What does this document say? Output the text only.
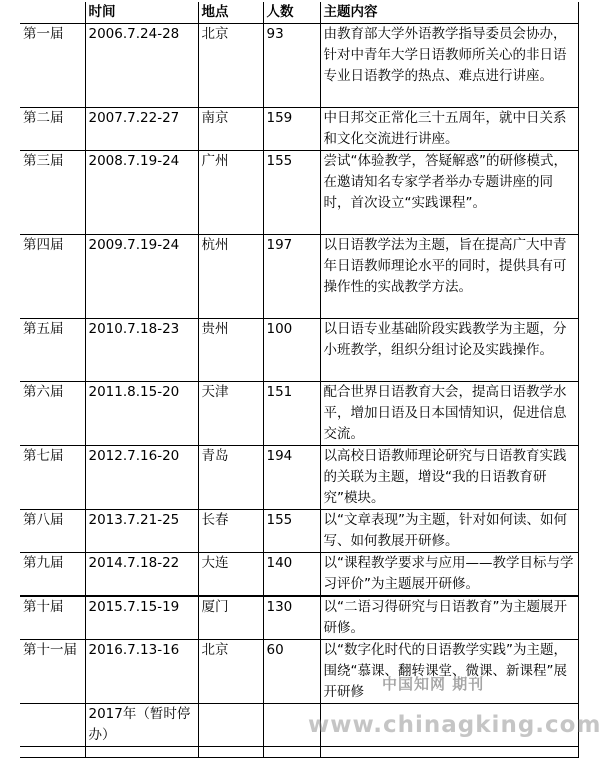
	时间	地点	人数	主题内容
第一届	2006.7.24-28	北京	93	由教育部大学外语教学指导委员会协办，针对中青年大学日语教师所关心的非日语专业日语教学的热点、难点进行讲座。
第二届	2007.7.22-27	南京	159	中日邦交正常化三十五周年，就中日关系和文化交流进行讲座。
第三届	2008.7.19-24	广州	155	尝试“体验教学，答疑解惑”的研修模式，在邀请知名专家学者举办专题讲座的同时，首次设立“实践课程”。
第四届	2009.7.19-24	杭州	197	以日语教学法为主题，旨在提高广大中青年日语教师理论水平的同时，提供具有可操作性的实战教学方法。
第五届	2010.7.18-23	贵州	100	以日语专业基础阶段实践教学为主题，分小班教学，组织分组讨论及实践操作。
第六届	2011.8.15-20	天津	151	配合世界日语教育大会，提高日语教学水平，增加日语及日本国情知识，促进信息交流。
第七届	2012.7.16-20	青岛	194	以高校日语教师理论研究与日语教育实践的关联为主题，增设“我的日语教育研究”模块。
第八届	2013.7.21-25	长春	155	以“文章表现”为主题，针对如何读、如何写、如何教展开研修。
第九届	2014.7.18-22	大连	140	以“课程教学要求与应用——教学目标与学习评价”为主题展开研修。
第十届	2015.7.15-19	厦门	130	以“二语习得研究与日语教育”为主题展开研修。
第十一届	2016.7.13-16	北京	60	以“数字化时代的日语教学实践”为主题，围绕“慕课、翻转课堂、微课、新课程”展开研修
	2017年（暂时停办）			

中国知网 期刊
www.chinagking.com
